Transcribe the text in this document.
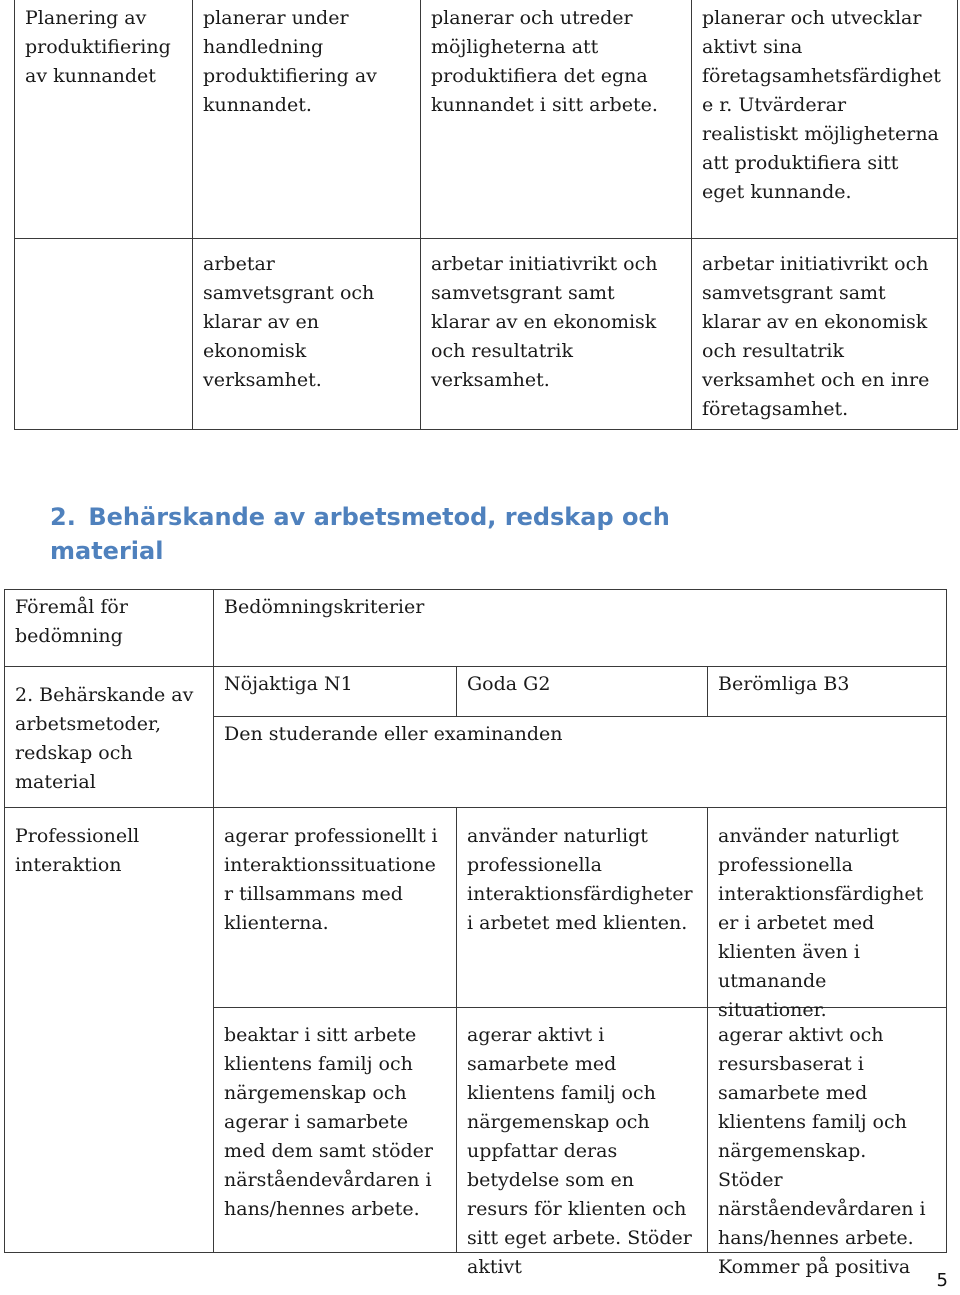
Planering av produktifiering av kunnandet
planerar under handledning produktifiering av kunnandet.
planerar och utreder möjligheterna att produktifiera det egna kunnandet i sitt arbete.
planerar och utvecklar aktivt sina företagsamhetsfärdighete r. Utvärderar realistiskt möjligheterna att produktifiera sitt eget kunnande.
arbetar samvetsgrant och klarar av en ekonomisk verksamhet.
arbetar initiativrikt och samvetsgrant samt klarar av en ekonomisk och resultatrik verksamhet.
arbetar initiativrikt och samvetsgrant samt klarar av en ekonomisk och resultatrik verksamhet och en inre företagsamhet.
2. Behärskande av arbetsmetod, redskap och material
Föremål för bedömning
Bedömningskriterier
2. Behärskande av arbetsmetoder, redskap och material
Nöjaktiga N1	Goda G2	Berömliga B3
Den studerande eller examinanden
Professionell interaktion
agerar professionellt i interaktionssituationer tillsammans med klienterna.
använder naturligt professionella interaktionsfärdigheter i arbetet med klienten.
använder naturligt professionella interaktionsfärdigheter i arbetet med klienten även i utmanande situationer.
beaktar i sitt arbete klientens familj och närgemenskap och agerar i samarbete med dem samt stöder närståendevårdaren i hans/hennes arbete.
agerar aktivt i samarbete med klientens familj och närgemenskap och uppfattar deras betydelse som en resurs för klienten och sitt eget arbete. Stöder aktivt
agerar aktivt och resursbaserat i samarbete med klientens familj och närgemenskap. Stöder närståendevårdaren i hans/hennes arbete. Kommer på positiva
5
